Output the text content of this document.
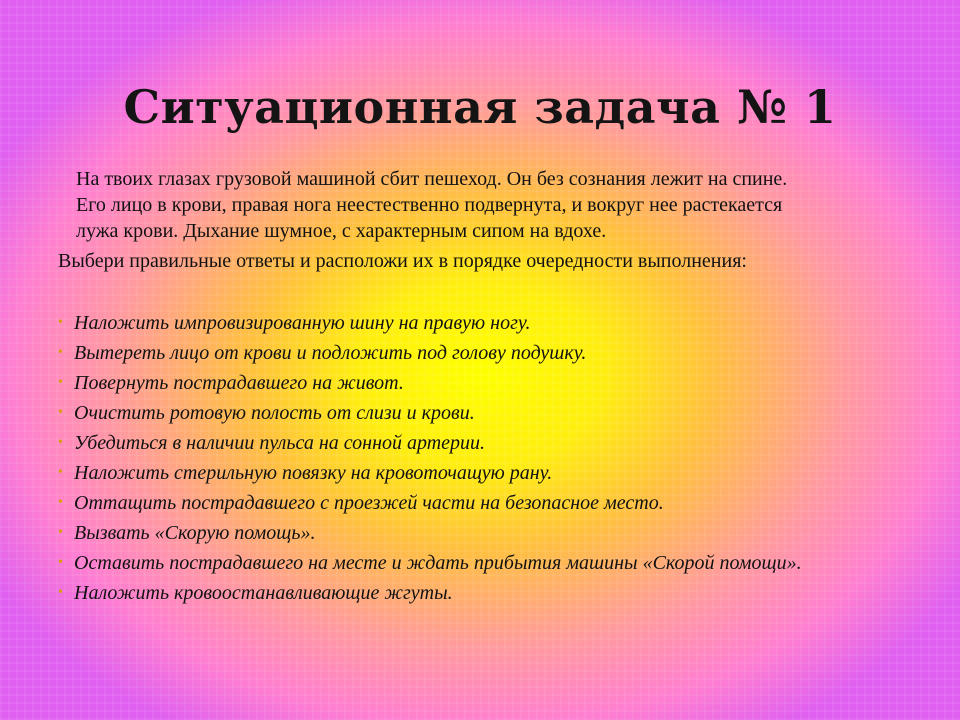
Ситуационная задача № 1

На твоих глазах грузовой машиной сбит пешеход. Он без сознания лежит на спине.
Его лицо в крови, правая нога неестественно подвернута, и вокруг нее растекается
лужа крови. Дыхание шумное, с характерным сипом на вдохе.

Выбери правильные ответы и расположи их в порядке очередности выполнения:

• Наложить импровизированную шину на правую ногу.
• Вытереть лицо от крови и подложить под голову подушку.
• Повернуть пострадавшего на живот.
• Очистить ротовую полость от слизи и крови.
• Убедиться в наличии пульса на сонной артерии.
• Наложить стерильную повязку на кровоточащую рану.
• Оттащить пострадавшего с проезжей части на безопасное место.
• Вызвать «Скорую помощь».
• Оставить пострадавшего на месте и ждать прибытия машины «Скорой помощи».
• Наложить кровоостанавливающие жгуты.
